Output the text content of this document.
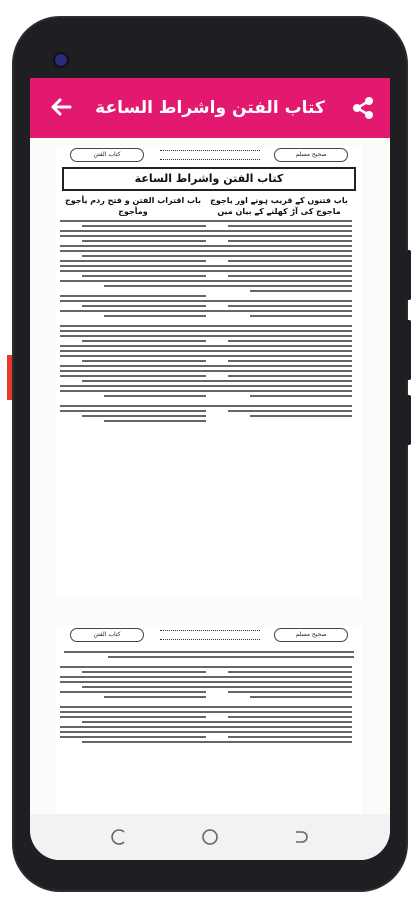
كتاب الفتن واشراط الساعة
كتاب الفتن	صحیح مسلم
كتاب الفتن واشراط الساعة
باب اقتراب الفتن و فتح ردم يأجوج ومأجوج
باب فتنوں کے قریب ہونے اور یاجوج ماجوج کی آڑ کھلنے کے بیان میں
كتاب الفتن	صحیح مسلم
